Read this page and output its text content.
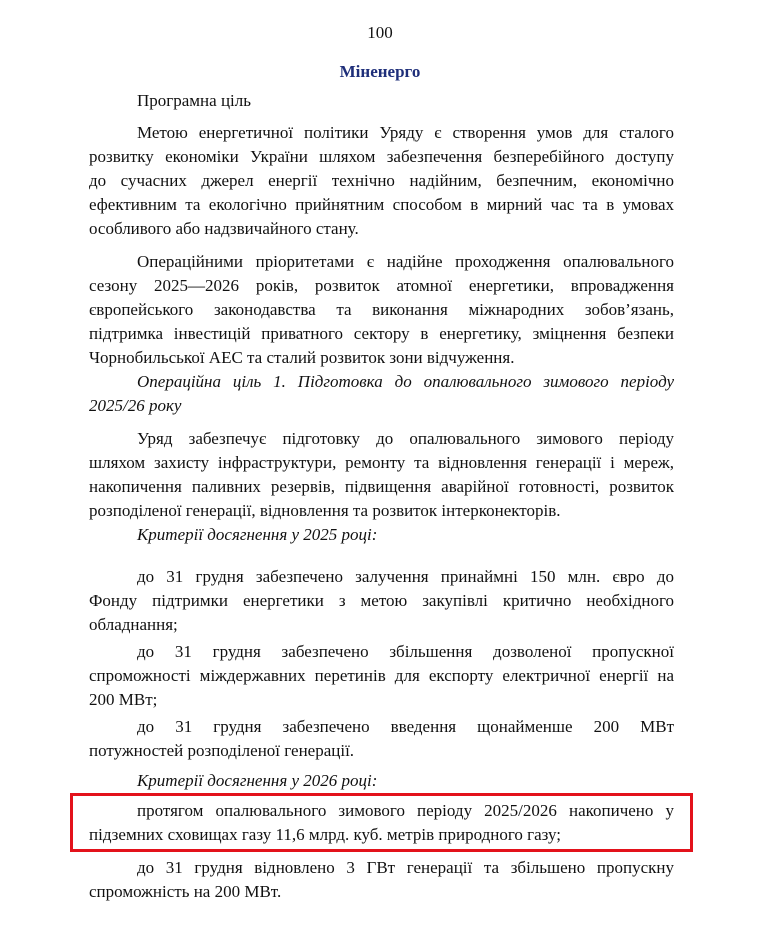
100
Міненерго
Програмна ціль
Метою енергетичної політики Уряду є створення умов для сталого
розвитку економіки України шляхом забезпечення безперебійного доступу
до сучасних джерел енергії технічно надійним, безпечним, економічно
ефективним та екологічно прийнятним способом в мирний час та в умовах
особливого або надзвичайного стану.
Операційними пріоритетами є надійне проходження опалювального
сезону 2025—2026 років, розвиток атомної енергетики, впровадження
європейського законодавства та виконання міжнародних зобов’язань,
підтримка інвестицій приватного сектору в енергетику, зміцнення безпеки
Чорнобильської АЕС та сталий розвиток зони відчуження.
Операційна ціль 1. Підготовка до опалювального зимового періоду
2025/26 року
Уряд забезпечує підготовку до опалювального зимового періоду
шляхом захисту інфраструктури, ремонту та відновлення генерації і мереж,
накопичення паливних резервів, підвищення аварійної готовності, розвиток
розподіленої генерації, відновлення та розвиток інтерконекторів.
Критерії досягнення у 2025 році:
до 31 грудня забезпечено залучення принаймні 150 млн. євро до
Фонду підтримки енергетики з метою закупівлі критично необхідного
обладнання;
до 31 грудня забезпечено збільшення дозволеної пропускної
спроможності міждержавних перетинів для експорту електричної енергії на
200 МВт;
до 31 грудня забезпечено введення щонайменше 200 МВт
потужностей розподіленої генерації.
Критерії досягнення у 2026 році:
протягом опалювального зимового періоду 2025/2026 накопичено у
підземних сховищах газу 11,6 млрд. куб. метрів природного газу;
до 31 грудня відновлено 3 ГВт генерації та збільшено пропускну
спроможність на 200 МВт.
